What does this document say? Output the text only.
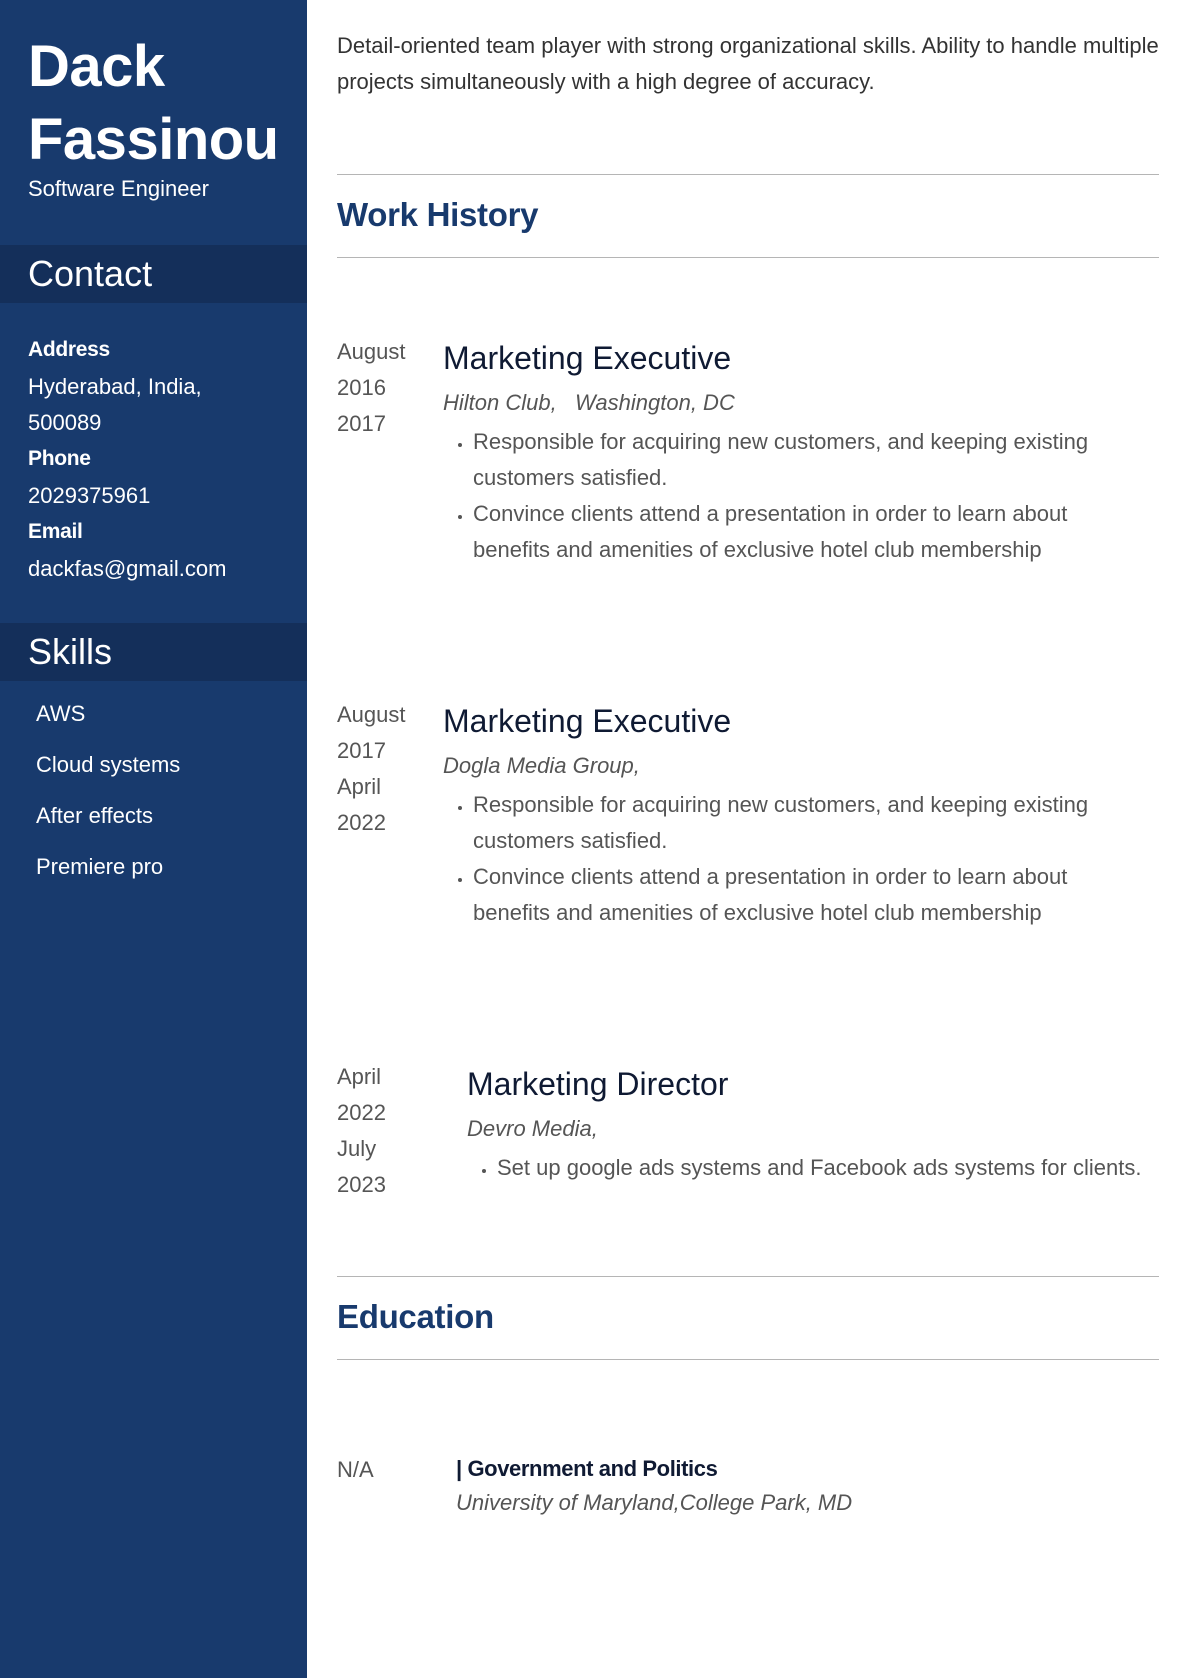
Dack
Fassinou
Software Engineer
Contact
Address
Hyderabad, India,
500089
Phone
2029375961
Email
dackfas@gmail.com
Skills
AWS
Cloud systems
After effects
Premiere pro
Detail-oriented team player with strong organizational skills. Ability to handle multiple projects simultaneously with a high degree of accuracy.
Work History
August
2016
2017
Marketing Executive
Hilton Club,   Washington, DC
• Responsible for acquiring new customers, and keeping existing customers satisfied.
• Convince clients attend a presentation in order to learn about benefits and amenities of exclusive hotel club membership
August
2017
April
2022
Marketing Executive
Dogla Media Group,
• Responsible for acquiring new customers, and keeping existing customers satisfied.
• Convince clients attend a presentation in order to learn about benefits and amenities of exclusive hotel club membership
April
2022
July
2023
Marketing Director
Devro Media,
• Set up google ads systems and Facebook ads systems for clients.
Education
N/A	| Government and Politics
University of Maryland,College Park, MD
